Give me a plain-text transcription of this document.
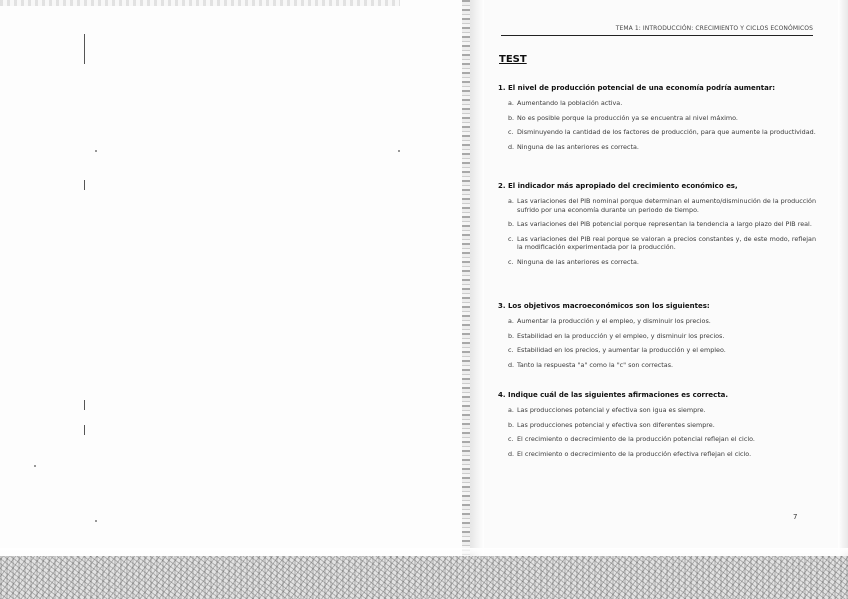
TEMA 1: INTRODUCCIÓN: CRECIMIENTO Y CICLOS ECONÓMICOS
TEST
1. El nivel de producción potencial de una economía podría aumentar:
a. Aumentando la población activa.
b. No es posible porque la producción ya se encuentra al nivel máximo.
c. Disminuyendo la cantidad de los factores de producción, para que aumente la productividad.
d. Ninguna de las anteriores es correcta.
2. El indicador más apropiado del crecimiento económico es,
a. Las variaciones del PIB nominal porque determinan el aumento/disminución de la producción sufrido por una economía durante un periodo de tiempo.
b. Las variaciones del PIB potencial porque representan la tendencia a largo plazo del PIB real.
c. Las variaciones del PIB real porque se valoran a precios constantes y, de este modo, reflejan la modificación experimentada por la producción.
c. Ninguna de las anteriores es correcta.
3. Los objetivos macroeconómicos son los siguientes:
a. Aumentar la producción y el empleo, y disminuir los precios.
b. Estabilidad en la producción y el empleo, y disminuir los precios.
c. Estabilidad en los precios, y aumentar la producción y el empleo.
d. Tanto la respuesta "a" como la "c" son correctas.
4. Indique cuál de las siguientes afirmaciones es correcta.
a. Las producciones potencial y efectiva son igua es siempre.
b. Las producciones potencial y efectiva son diferentes siempre.
c. El crecimiento o decrecimiento de la producción potencial reflejan el ciclo.
d. El crecimiento o decrecimiento de la producción efectiva reflejan el ciclo.
7
